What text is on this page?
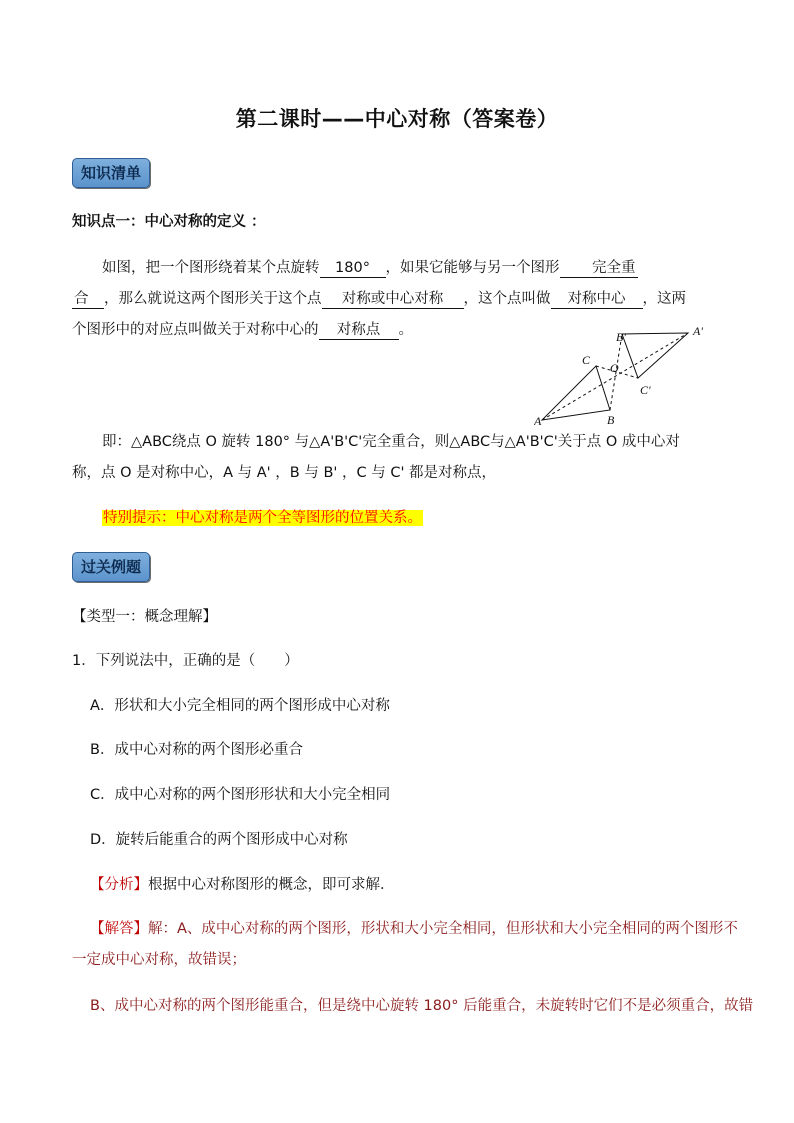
第二课时——中心对称（答案卷）
知识清单
知识点一：中心对称的定义 ：
如图，把一个图形绕着某个点旋转 180° ，如果它能够与另一个图形 完全重
合 ，那么就说这两个图形关于这个点 对称或中心对称 ，这个点叫做 对称中心 ，这两
个图形中的对应点叫做关于对称中心的 对称点 。
A	B
C
O
A'
B'
C'
即：△ABC绕点 O 旋转 180° 与△A'B'C'完全重合，则△ABC与△A'B'C'关于点 O 成中心对
称，点 O 是对称中心，A 与 A' ，B 与 B' ，C 与 C' 都是对称点，
特别提示：中心对称是两个全等图形的位置关系。
过关例题
【类型一：概念理解】
1．下列说法中，正确的是（　　）
A．形状和大小完全相同的两个图形成中心对称
B．成中心对称的两个图形必重合
C．成中心对称的两个图形形状和大小完全相同
D．旋转后能重合的两个图形成中心对称
【分析】根据中心对称图形的概念，即可求解．
【解答】解：A、成中心对称的两个图形，形状和大小完全相同，但形状和大小完全相同的两个图形不
一定成中心对称，故错误；
B、成中心对称的两个图形能重合，但是绕中心旋转 180° 后能重合，未旋转时它们不是必须重合，故错
